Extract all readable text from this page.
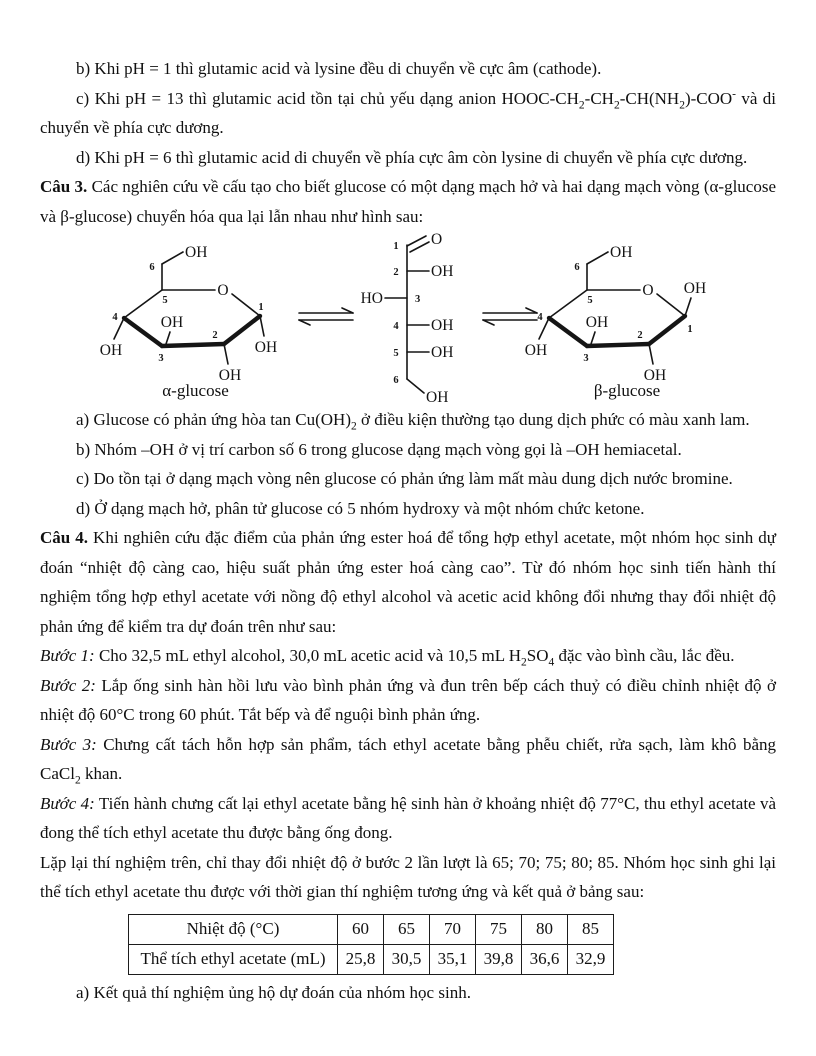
b) Khi pH = 1 thì glutamic acid và lysine đều di chuyển về cực âm (cathode).

c) Khi pH = 13 thì glutamic acid tồn tại chủ yếu dạng anion HOOC-$CH_2-CH_2-CH(NH_2)-COO^-$ và di chuyển về phía cực dương.

d) Khi pH = 6 thì glutamic acid di chuyển về phía cực âm còn lysine di chuyển về phía cực dương.

Câu 3. Các nghiên cứu về cấu tạo cho biết glucose có một dạng mạch hở và hai dạng mạch vòng (α-glucose và β-glucose) chuyển hóa qua lại lẫn nhau như hình sau:

O
OH
OH
OH
OH
OH
6
5
1
4
3
2
α-glucose
O
OH
HO
OH
OH
OH
1
2
3
4
5
6
O
OH
OH
OH
OH
OH
6
5
1
4
3
2
β-glucose

a) Glucose có phản ứng hòa $\tan Cu(OH)_2$ ở điều kiện thường tạo dung dịch phức có màu xanh lam.

b) Nhóm –OH ở vị trí carbon số 6 trong glucose dạng mạch vòng gọi là –OH hemiacetal.

c) Do tồn tại ở dạng mạch vòng nên glucose có phản ứng làm mất màu dung dịch nước bromine.

d) Ở dạng mạch hở, phân tử glucose có 5 nhóm hydroxy và một nhóm chức ketone.

Câu 4. Khi nghiên cứu đặc điểm của phản ứng ester hoá để tổng hợp ethyl acetate, một nhóm học sinh dự đoán “nhiệt độ càng cao, hiệu suất phản ứng ester hoá càng cao”. Từ đó nhóm học sinh tiến hành thí nghiệm tổng hợp ethyl acetate với nồng độ ethyl alcohol và acetic acid không đổi nhưng thay đổi nhiệt độ phản ứng để kiểm tra dự đoán trên như sau:

Bước 1: Cho 32,5 mL ethyl alcohol, 30,0 mL acetic acid và 10,5 mL $H_2SO_4$ đặc vào bình cầu, lắc đều.

Bước 2: Lắp ống sinh hàn hồi lưu vào bình phản ứng và đun trên bếp cách thuỷ có điều chỉnh nhiệt độ ở nhiệt độ 60°C trong 60 phút. Tắt bếp và để nguội bình phản ứng.

Bước 3: Chưng cất tách hỗn hợp sản phẩm, tách ethyl acetate bằng phễu chiết, rửa sạch, làm khô bằng CaCl$_2$ khan.

Bước 4: Tiến hành chưng cất lại ethyl acetate bằng hệ sinh hàn ở khoảng nhiệt độ 77°C, thu ethyl acetate và đong thể tích ethyl acetate thu được bằng ống đong.

Lặp lại thí nghiệm trên, chỉ thay đổi nhiệt độ ở bước 2 lần lượt là 65; 70; 75; 80; 85. Nhóm học sinh ghi lại thể tích ethyl acetate thu được với thời gian thí nghiệm tương ứng và kết quả ở bảng sau:

Nhiệt độ (°C)	60	65	70	75	80	85
Thể tích ethyl acetate (mL)	25,8	30,5	35,1	39,8	36,6	32,9

a) Kết quả thí nghiệm ủng hộ dự đoán của nhóm học sinh.
